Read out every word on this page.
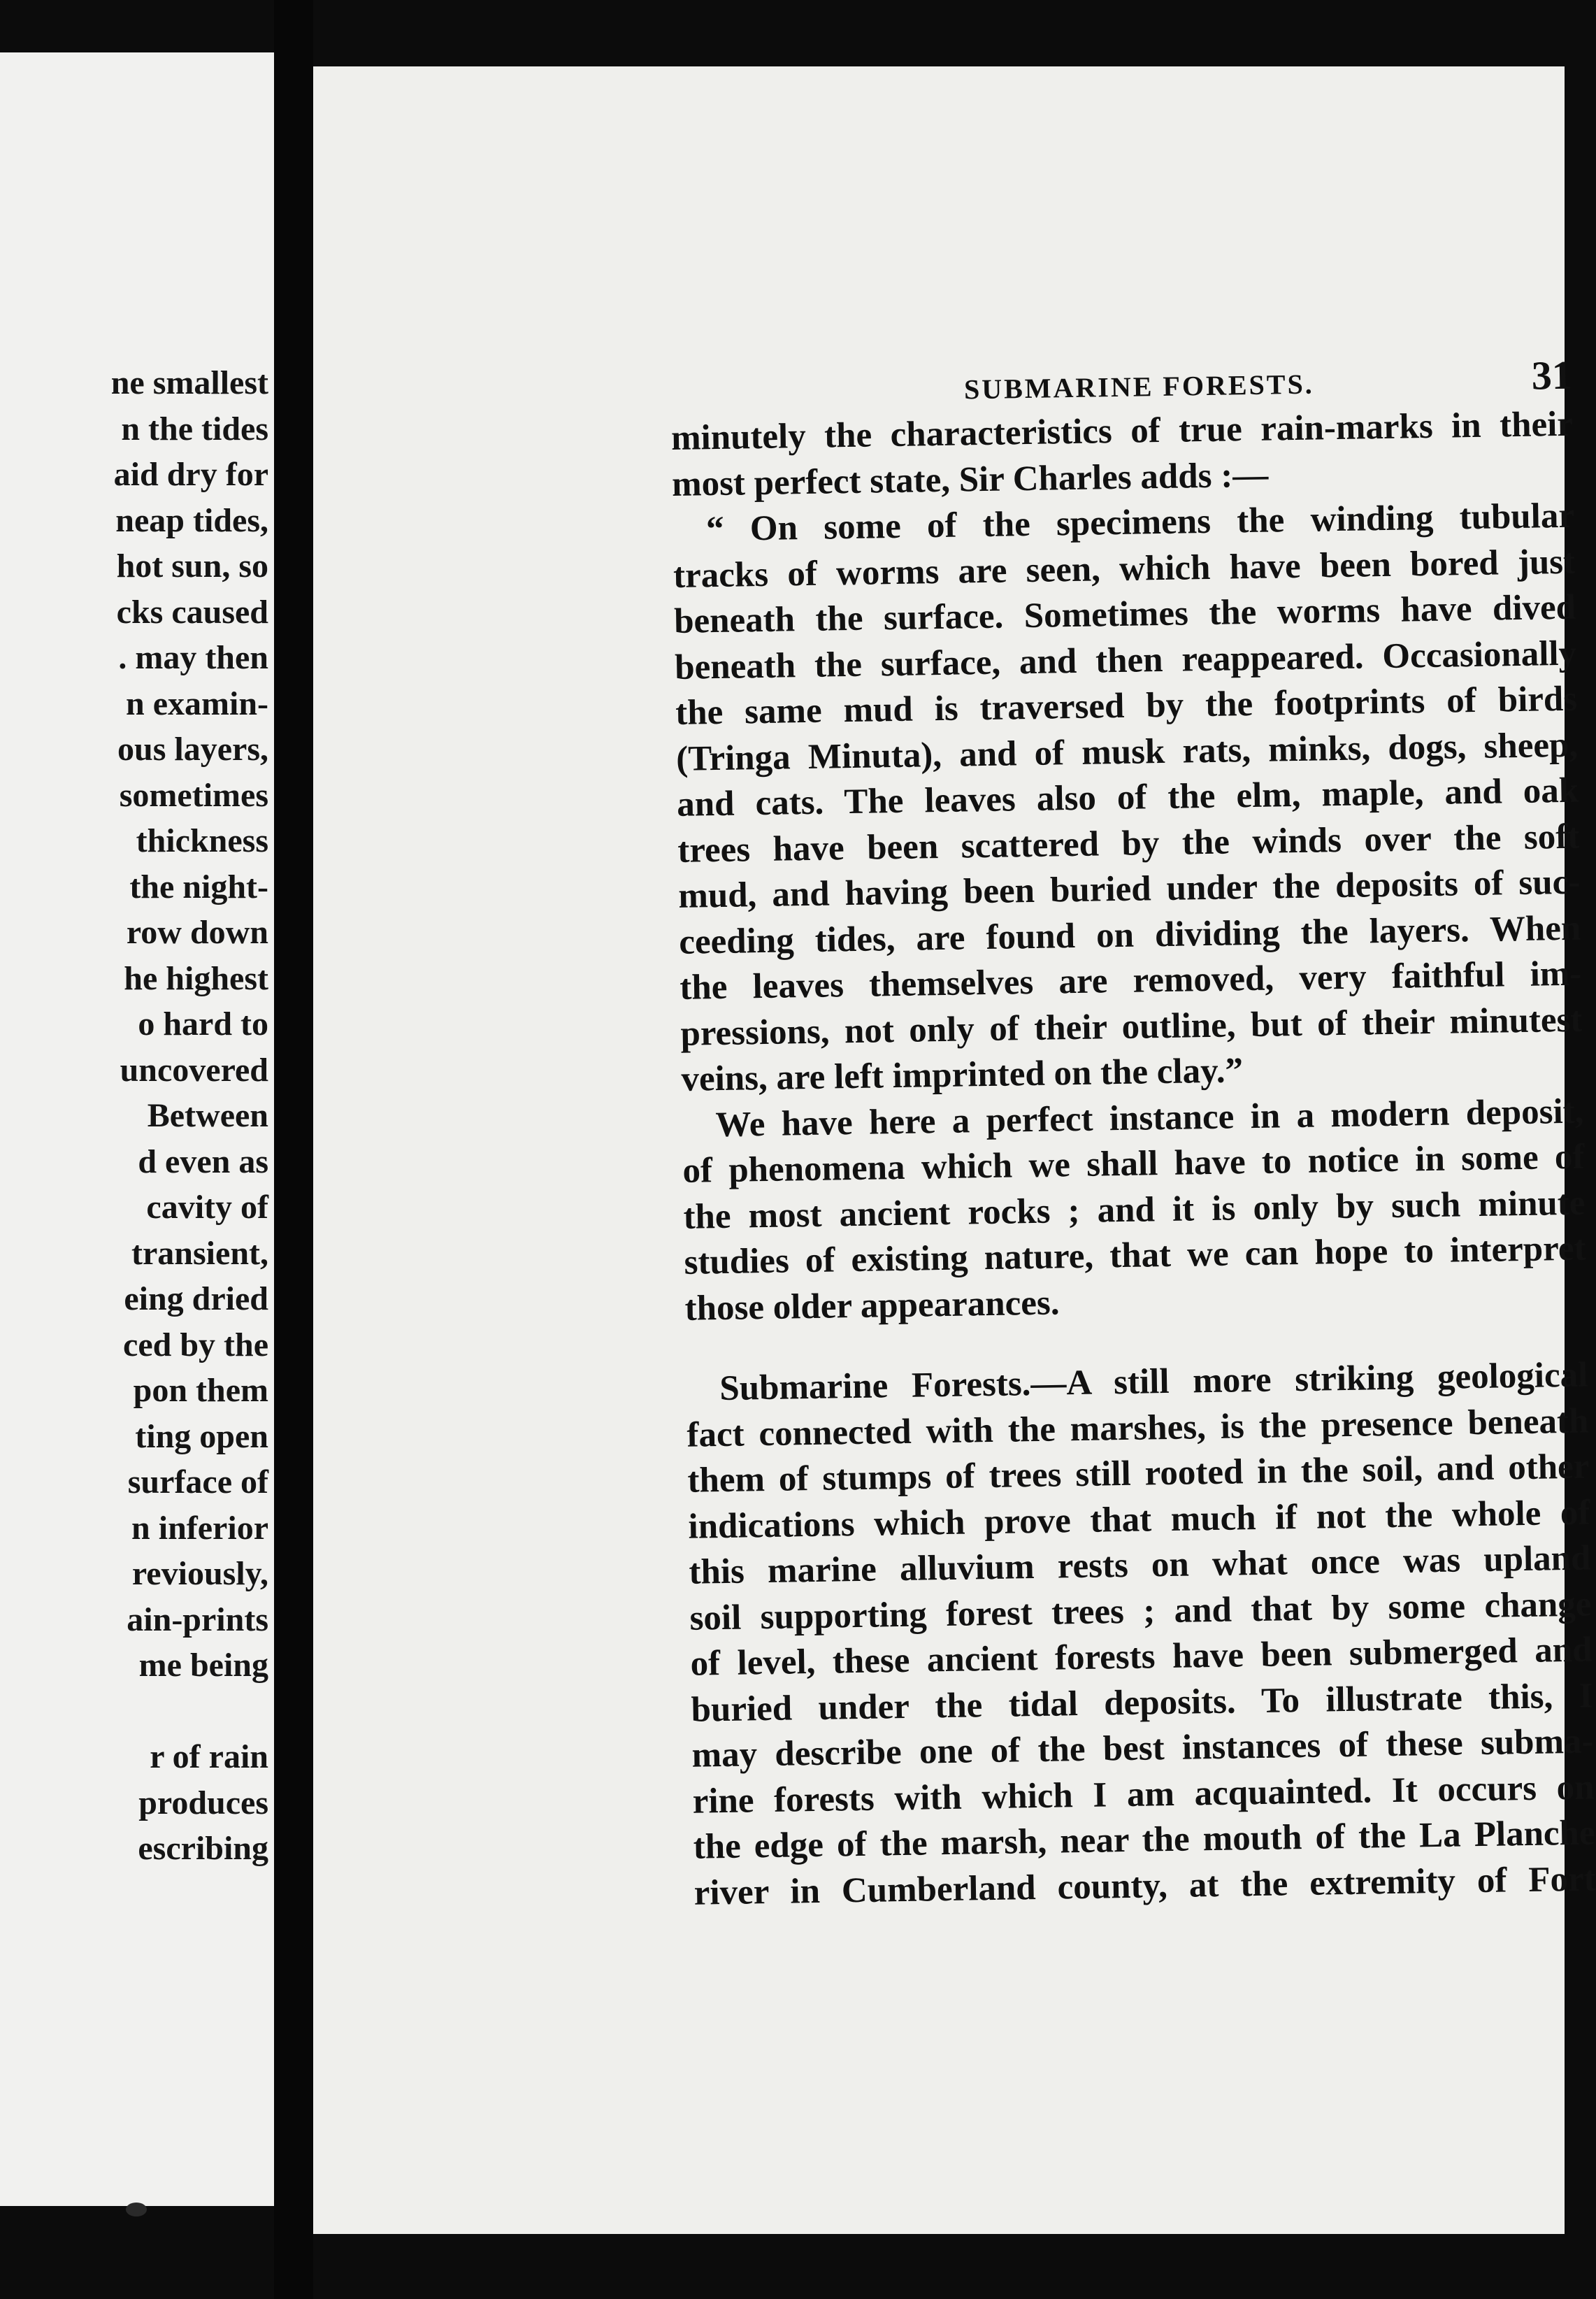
ne smallest
n the tides
aid dry for
neap tides,
hot sun, so
cks caused
. may then
n examin-
ous layers,
sometimes
thickness
the night-
row down
he highest
o hard to
uncovered
Between
d even as
cavity of
transient,
eing dried
ced by the
pon them
ting open
surface of
n inferior
reviously,
ain-prints
me being
r of rain
produces
escribing
SUBMARINE FORESTS.	31
minutely the characteristics of true rain-marks in their
most perfect state, Sir Charles adds :—
“ On some of the specimens the winding tubular
tracks of worms are seen, which have been bored just
beneath the surface. Sometimes the worms have dived
beneath the surface, and then reappeared. Occasionally
the same mud is traversed by the footprints of birds
(Tringa Minuta), and of musk rats, minks, dogs, sheep,
and cats. The leaves also of the elm, maple, and oak
trees have been scattered by the winds over the soft
mud, and having been buried under the deposits of suc-
ceeding tides, are found on dividing the layers. When
the leaves themselves are removed, very faithful im-
pressions, not only of their outline, but of their minutest
veins, are left imprinted on the clay.”
We have here a perfect instance in a modern deposit,
of phenomena which we shall have to notice in some of
the most ancient rocks ; and it is only by such minute
studies of existing nature, that we can hope to interpret
those older appearances.
Submarine Forests.—A still more striking geological
fact connected with the marshes, is the presence beneath
them of stumps of trees still rooted in the soil, and other
indications which prove that much if not the whole of
this marine alluvium rests on what once was upland
soil supporting forest trees ; and that by some change
of level, these ancient forests have been submerged and
buried under the tidal deposits. To illustrate this, I
may describe one of the best instances of these subma-
rine forests with which I am acquainted. It occurs on
the edge of the marsh, near the mouth of the La Planche
river in Cumberland county, at the extremity of Fort
